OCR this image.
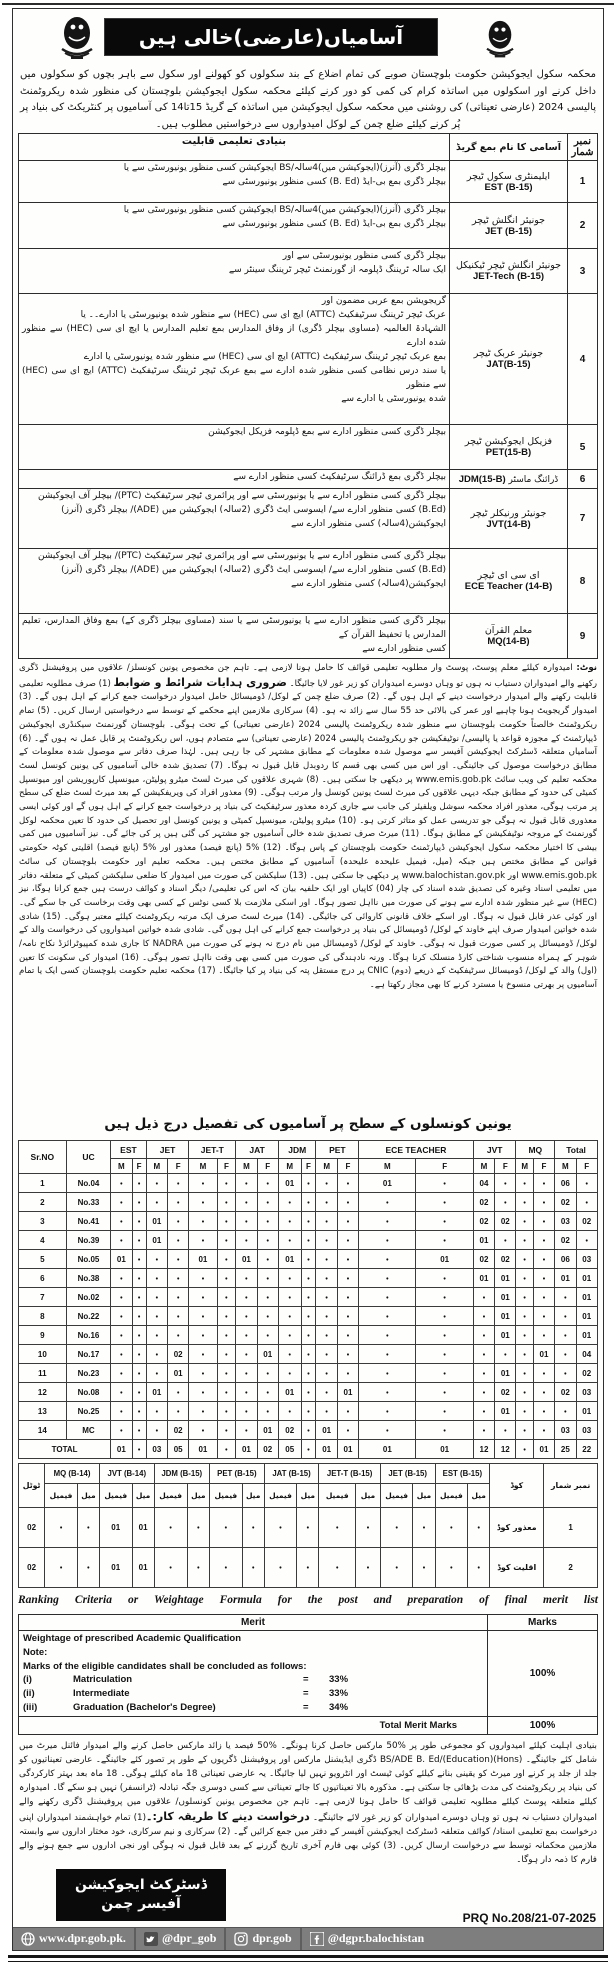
آسامیاں(عارضی)خالی ہیں
محکمہ سکول ایجوکیشن حکومت بلوچستان صوبے کی تمام اضلاع کے بند سکولوں کو کھولنے اور سکول سے باہر بچوں کو سکولوں میں داخل کرنے اور اسکولوں میں اساتذہ کرام کی کمی کو دور کرنے کیلئے محکمہ سکول ایجوکیشن بلوچستان کی منظور شدہ ریکروٹمنٹ پالیسی 2024 (عارضی تعیناتی) کی روشنی میں محکمہ سکول ایجوکیشن میں اساتذہ کے گریڈ 15تا14 کی آسامیوں پر کنٹریکٹ کی بنیاد پر پُر کرنے کیلئے ضلع چمن کے لوکل امیدواروں سے درخواستیں مطلوب ہیں۔
نمبر شمار	آسامی کا نام بمع گریڈ	بنیادی تعلیمی قابلیت
1	
ایلیمنٹری سکول ٹیچر
EST (B-15)

بیچلر ڈگری (آنرز)(ایجوکیشن میں)4سالہ/BS ایجوکیشن کسی منظور یونیورسٹی سے یا
بیچلر ڈگری بمع بی-ایڈ (B. Ed) کسی منظور یونیورسٹی سے

2	
جونیئر انگلش ٹیچر
JET (B-15)

بیچلر ڈگری (آنرز)(ایجوکیشن میں)4سالہ/BS ایجوکیشن کسی منظور یونیورسٹی سے یا
بیچلر ڈگری بمع بی-ایڈ (B. Ed) کسی منظور یونیورسٹی سے

3	
جونیئر انگلش ٹیچر ٹیکنیکل
JET-Tech (B-15)

بیچلر ڈگری کسی منظور یونیورسٹی سے اور
ایک سالہ ٹریننگ ڈپلومہ از گورنمنٹ ٹیچر ٹریننگ سینٹر سے

4	
جونیئر عربک ٹیچر
JAT(B-15)

گریجویشن بمع عربی مضمون اور
عربک ٹیچر ٹریننگ سرٹیفکیٹ (ATTC) ایچ ای سی (HEC) سے منظور شدہ یونیورسٹی یا ادارے۔۔ یا
الشہادۃ العالمیہ (مساوی بیچلر ڈگری) از وفاق المدارس بمع تعلیم المدارس یا ایچ ای سی (HEC) سے منظور شدہ ادارے
بمع عربک ٹیچر ٹریننگ سرٹیفکیٹ (ATTC) ایچ ای سی (HEC) سے منظور شدہ یونیورسٹی یا ادارے
یا سند درس نظامی کسی منظور شدہ ادارے سے بمع عربک ٹیچر ٹریننگ سرٹیفکیٹ (ATTC) ایچ ای سی (HEC) سے منظور
شدہ یونیورسٹی یا ادارے سے

5	فزیکل ایجوکیشن ٹیچر
PET(15-B)	بیچلر ڈگری کسی منظور ادارے سے بمع ڈپلومہ فزیکل ایجوکیشن

6	ڈرائنگ ماسٹر JDM(15-B)	بیچلر ڈگری بمع ڈرائنگ سرٹیفکیٹ کسی منظور ادارے سے

7	
جونیئر ورنیکلر ٹیچر
JVT(14-B)

بیچلر ڈگری کسی منظور ادارے سے یا یونیورسٹی سے اور پرائمری ٹیچر سرٹیفکیٹ (PTC)/ بیچلر آف ایجوکیشن
(B.Ed) کسی منظور ادارے سے/ ایسوسی ایٹ ڈگری (2سالہ) ایجوکیشن میں (ADE)/ بیچلر ڈگری (آنرز)
ایجوکیشن(4سالہ) کسی منظور ادارے سے

8	
ای سی ای ٹیچر
ECE Teacher (14-B)

بیچلر ڈگری کسی منظور ادارے سے یا یونیورسٹی سے اور پرائمری ٹیچر سرٹیفکیٹ (PTC)/ بیچلر آف ایجوکیشن
(B.Ed) کسی منظور ادارے سے/ ایسوسی ایٹ ڈگری (2سالہ) ایجوکیشن میں (ADE)/ بیچلر ڈگری (آنرز)
ایجوکیشن(4سالہ) کسی منظور ادارے سے

9	
معلم القرآن
MQ(14-B)

بیچلر ڈگری کسی منظور ادارے سے یا یونیورسٹی سے یا سند (مساوی بیچلر ڈگری کے) بمع وفاق المدارس، تعلیم المدارس یا تحفیظ القرآن کے
کسی منظور ادارے سے
نوٹ: امیدوارہ کیلئے معلم پوسٹ، پوسٹ وار مطلوبہ تعلیمی قوائف کا حامل ہونا لازمی ہے۔ تاہم جن مخصوص یونین کونسلز/ علاقوں میں پروفیشنل ڈگری رکھنے والے امیدواران دستیاب نہ ہوں تو وہاں دوسرے امیدواران کو زیر غور لایا جائیگا۔ ضروری ہدایات شرائط و ضوابط (1) صرف مطلوبہ تعلیمی قابلیت رکھنے والے امیدوار درخواست دینے کے اہل ہوں گے۔ (2) صرف ضلع چمن کے لوکل/ ڈومیسائل حامل امیدوار درخواست جمع کرانے کے اہل ہوں گے۔ (3) امیدوار گریجویٹ ہونا چاہیے اور عمر کی بالائی حد 55 سال سے زائد نہ ہو۔ (4) سرکاری ملازمین اپنے محکمے کے توسط سے درخواستیں ارسال کریں۔ (5) تمام ریکروٹمنٹ خالصتاً حکومت بلوچستان سے منظور شدہ ریکروٹمنٹ پالیسی 2024 (عارضی تعیناتی) کے تحت ہوگی۔ بلوچستان گورنمنٹ سیکنڈری ایجوکیشن ڈیپارٹمنٹ کے مجوزہ قواعد یا پالیسی/ نوٹیفکیشن جو ریکروٹمنٹ پالیسی 2024 (عارضی تعیناتی) سے متصادم ہوں، اس ریکروٹمنٹ پر قابل عمل نہ ہوں گے۔ (6) آسامیاں متعلقہ ڈسٹرکٹ ایجوکیشن آفیسر سے موصول شدہ معلومات کے مطابق مشتہر کی جا رہی ہیں۔ لہٰذا صرف دفاتر سے موصول شدہ معلومات کے مطابق درخواست موصول کی جائینگی۔ اور اس میں کسی بھی قسم کا ردوبدل قابل قبول نہ ہوگا۔ (7) تصدیق شدہ خالی آسامیوں کی یونین کونسل لسٹ محکمہ تعلیم کی ویب سائٹ www.emis.gob.pk پر دیکھی جا سکتی ہیں۔ (8) شہری علاقوں کی میرٹ لسٹ میٹرو پولیٹن، میونسپل کارپوریشن اور میونسپل کمیٹی کی حدود کے مطابق جبکہ دیہی علاقوں کی میرٹ لسٹ یونین کونسل وار مرتب ہوگی۔ (9) معذور افراد کی ویریفکیشن کے بعد میرٹ لسٹ ضلع کی سطح پر مرتب ہوگی، معذور افراد محکمہ سوشل ویلفیئر کی جانب سے جاری کردہ معذور سرٹیفکیٹ کی بنیاد پر درخواست جمع کرانے کے اہل ہوں گے اور کوئی ایسی معذوری قابل قبول نہ ہوگی جو تدریسی عمل کو متاثر کرتی ہو۔ (10) میٹرو پولیٹن، میونسپل کمیٹی و یونین کونسل اور تحصیل کی حدود کا تعین محکمہ لوکل گورنمنٹ کے مروجہ نوٹیفکیشن کے مطابق ہوگا۔ (11) میرٹ صرف تصدیق شدہ خالی آسامیوں جو مشتہر کی گئی ہیں پر کی جائے گی۔ نیز آسامیوں میں کمی بیشی کا اختیار محکمہ سکول ایجوکیشن ڈیپارٹمنٹ حکومت بلوچستان کے پاس ہوگا۔ (12) %5 (پانچ فیصد) معذور اور %5 (پانچ فیصد) اقلیتی کوٹہ حکومتی قوانین کے مطابق مختص ہیں جبکہ (میل، فیمیل علیحدہ علیحدہ) آسامیوں کے مطابق مختص ہیں۔ محکمہ تعلیم اور حکومت بلوچستان کی سائٹ www.emis.gob.pk اور www.balochistan.gov.pk پر دیکھی جا سکتی ہیں۔ (13) سلیکشن کی صورت میں امیدوار کا ضلعی سلیکشن کمیٹی کے متعلقہ دفاتر میں تعلیمی اسناد وغیرہ کی تصدیق شدہ اسناد کی چار (04) کاپیاں اور ایک حلفیہ بیان کہ اس کی تعلیمی/ دیگر اسناد و کوائف درست ہیں جمع کرانا ہوگا، نیز (HEC) سے غیر منظور شدہ ادارے سے ہونے کی صورت میں نااہل تصور ہوگا۔ اور اسکی ملازمت بلا کسی نوٹس کے کسی بھی وقت برخاست کی جا سکے گی۔ اور کوئی عذر قابل قبول نہ ہوگا۔ اور اسکے خلاف قانونی کاروائی کی جائیگی۔ (14) میرٹ لسٹ صرف ایک مرتبہ ریکروٹمنٹ کیلئے معتبر ہوگی۔ (15) شادی شدہ خواتین امیدوار صرف اپنے خاوند کے لوکل/ ڈومیسائل کی بنیاد پر درخواست جمع کرانے کی اہل ہوں گی۔ شادی شدہ خواتین امیدواروں کی درخواست والد کے لوکل/ ڈومیسائل پر کسی صورت قبول نہ ہوگی۔ خاوند کے لوکل/ ڈومیسائل میں نام درج نہ ہونے کی صورت میں NADRA کا جاری شدہ کمپیوٹرائزڈ نکاح نامہ/ شوہر کے ہمراہ منسوب شناختی کارڈ منسلک کرنا ہوگا۔ ورنہ نادہندگی کی صورت میں کسی بھی وقت نااہل تصور ہوگی۔ (16) امیدوار کی سکونت کا تعین (اول) والد کے لوکل/ ڈومیسائل سرٹیفکیٹ کے ذریعے (دوم) CNIC پر درج مستقل پتہ کی بنیاد پر کیا جائیگا۔ (17) محکمہ تعلیم حکومت بلوچستان کسی ایک یا تمام آسامیوں پر بھرتی منسوخ یا مسترد کرنے کا بھی مجاز رکھتا ہے۔
یونین کونسلوں کے سطح پر آسامیوں کی تفصیل درج ذیل ہیں
Sr.NO	UC	EST		JET		JET-T		JAT		JDM		PET		ECE TEACHER		JVT		MQ		Total	
		M	F	M	F	M	F	M	F	M	F	M	F	M	F	M	F	M	F	M	F
1	No.04	•	•	•	•	•	•	•	•	01	•	•	•	01	•	04	•	•	•	06	•
2	No.33	•	•	•	•	•	•	•	•	•	•	•	•	•	•	02	•	•	•	02	•
3	No.41	•	•	01	•	•	•	•	•	•	•	•	•	•	•	02	02	•	•	03	02
4	No.39	•	•	01	•	•	•	•	•	•	•	•	•	•	•	01	•	•	•	02	•
5	No.05	01	•	•	•	01	•	01	•	01	•	•	•	•	01	02	02	•	•	06	03
6	No.38	•	•	•	•	•	•	•	•	•	•	•	•	•	•	01	01	•	•	01	01
7	No.02	•	•	•	•	•	•	•	•	•	•	•	•	•	•	•	01	•	•	•	01
8	No.22	•	•	•	•	•	•	•	•	•	•	•	•	•	•	•	01	•	•	•	01
9	No.16	•	•	•	•	•	•	•	•	•	•	•	•	•	•	•	01	•	•	•	01
10	No.17	•	•	•	02	•	•	•	01	•	•	•	•	•	•	•	•	•	01	•	04
11	No.23	•	•	•	01	•	•	•	•	•	•	•	•	•	•	•	01	•	•	•	02
12	No.08	•	•	01	•	•	•	•	•	01	•	•	01	•	•	•	02	•	•	02	03
13	No.25	•	•	•	•	•	•	•	•	•	•	•	•	•	•	•	01	•	•	•	01
14	MC	•	•	•	02	•	•	•	01	02	•	01	•	•	•	•	•	•	•	03	03
TOTAL		01	•	03	05	01	•	01	02	05	•	01	01	01	01	12	12	•	01	25	22
ٹوٹل	MQ (B-14)		JVT (B-14)		JDM (B-15)		PET (B-15)		JAT (B-15)		JET-T (B-15)		JET (B-15)		EST (B-15)		کوڈ	نمبر شمار
	فیمیل	میل	فیمیل	میل	فیمیل	میل	فیمیل	میل	فیمیل	میل	فیمیل	میل	فیمیل	میل	فیمیل	میل		
02	•	•	01	01	•	•	•	•	•	•	•	•	•	•	•	•	معذور کوڈ	1
02	•	•	01	01	•	•	•	•	•	•	•	•	•	•	•	•	اقلیت کوڈ	2
Ranking Criteria or Weightage Formula for the post and preparation of final merit list
Merit	Marks

Weightage of prescribed Academic Qualification
Note:
Marks of the eligible candidates shall be concluded as follows:
(i)	Matriculation	=	33%
(ii)	Intermediate	=	33%
(iii)	Graduation (Bachelor's Degree)	=	34%
	100%
Total Merit Marks	100%
بنیادی اہلیت کیلئے امیدواروں کو مجموعی طور پر %50 مارکس حاصل کرنا ہونگے۔ %50 فیصد یا زائد مارکس حاصل کرنے والے امیدوار فائنل میرٹ میں شامل کئے جائینگے۔ BS/ADE B. Ed/(Education)(Hons) ڈگری ایڈیشنل مارکس اور پروفیشنل ڈگریوں کے طور پر تصور کئے جائینگے۔ عارضی تعیناتیوں کو جلد از جلد پر کرنے اور میرٹ کو یقینی بنانے کیلئے کوئی ٹیسٹ اور انٹرویو نہیں لیا جائیگا۔ یہ عارضی تعیناتی 18 ماہ کیلئے ہوگی۔ 18 ماہ بعد بہتر کارکردگی کی بنیاد پر ریکروٹمنٹ کی مدت بڑھائی جا سکتی ہے۔ مذکورہ بالا تعیناتیوں کا جائے تعیناتی سے کسی دوسری جگہ تبادلہ (ٹرانسفر) نہیں ہو سکے گا۔ امیدوارہ کیلئے متعلقہ پوسٹ کیلئے مطلوبہ تعلیمی قوائف کا حامل ہونا لازمی ہے۔ تاہم جن مخصوص یونین کونسلوں/ علاقوں میں پروفیشنل ڈگری رکھنے والے امیدواران دستیاب نہ ہوں تو وہاں دوسرے امیدواران کو زیر غور لائے جائینگے۔ درخواست دینے کا طریقہ کار:۔(1) تمام خواہشمند امیدواران اپنی درخواست بمع تعلیمی اسناد/ کوائف متعلقہ ڈسٹرکٹ ایجوکیشن آفیسر کے دفتر میں جمع کرائیں گے۔ (2) سرکاری و نیم سرکاری، خود مختار اداروں سے وابستہ ملازمین محکمانہ توسط سے درخواست ارسال کریں۔ (3) کوئی بھی فارم آخری تاریخ گزرنے کے بعد قابل قبول نہ ہوگی اور نجی اداروں سے جمع ہونے والے فارم کا ذمہ دار ہوگا۔
ڈسٹرکٹ ایجوکیشن
آفیسر چمن
PRQ No.208/21-07-2025
www.dpr.gob.pk.	@dpr_gob	dpr.gob	@dgpr.balochistan
